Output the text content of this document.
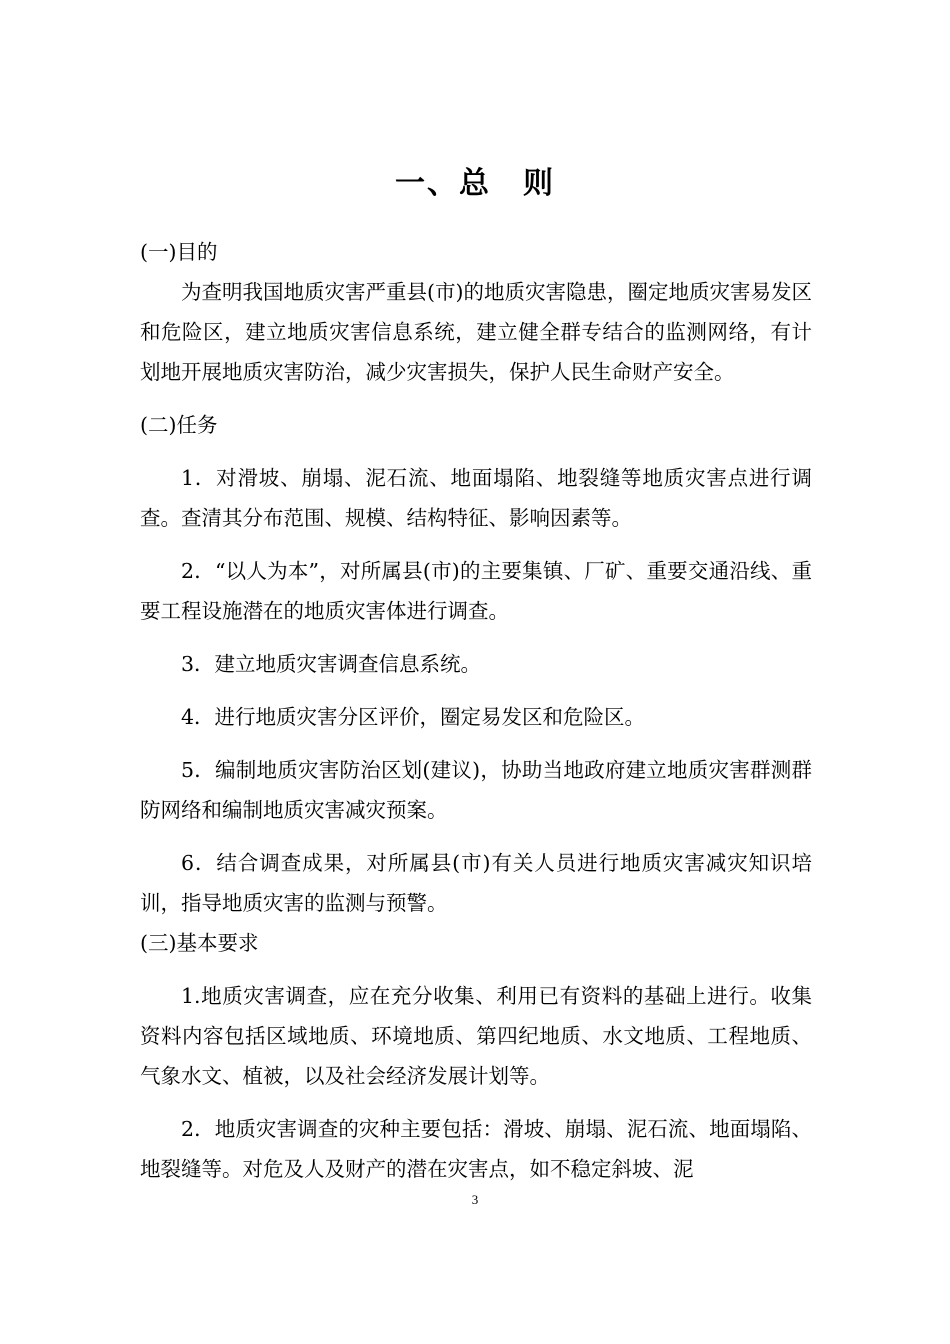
一、总　则
(一)目的

为查明我国地质灾害严重县(市)的地质灾害隐患，圈定地质灾害易发区和危险区，建立地质灾害信息系统，建立健全群专结合的监测网络，有计划地开展地质灾害防治，减少灾害损失，保护人民生命财产安全。

(二)任务

1．对滑坡、崩塌、泥石流、地面塌陷、地裂缝等地质灾害点进行调查。查清其分布范围、规模、结构特征、影响因素等。

2．“以人为本”，对所属县(市)的主要集镇、厂矿、重要交通沿线、重要工程设施潜在的地质灾害体进行调查。

3．建立地质灾害调查信息系统。

4．进行地质灾害分区评价，圈定易发区和危险区。

5．编制地质灾害防治区划(建议)，协助当地政府建立地质灾害群测群防网络和编制地质灾害减灾预案。

6．结合调查成果，对所属县(市)有关人员进行地质灾害减灾知识培训，指导地质灾害的监测与预警。

(三)基本要求

1.地质灾害调查，应在充分收集、利用已有资料的基础上进行。收集资料内容包括区域地质、环境地质、第四纪地质、水文地质、工程地质、气象水文、植被，以及社会经济发展计划等。

2．地质灾害调查的灾种主要包括：滑坡、崩塌、泥石流、地面塌陷、地裂缝等。对危及人及财产的潜在灾害点，如不稳定斜坡、泥

3
